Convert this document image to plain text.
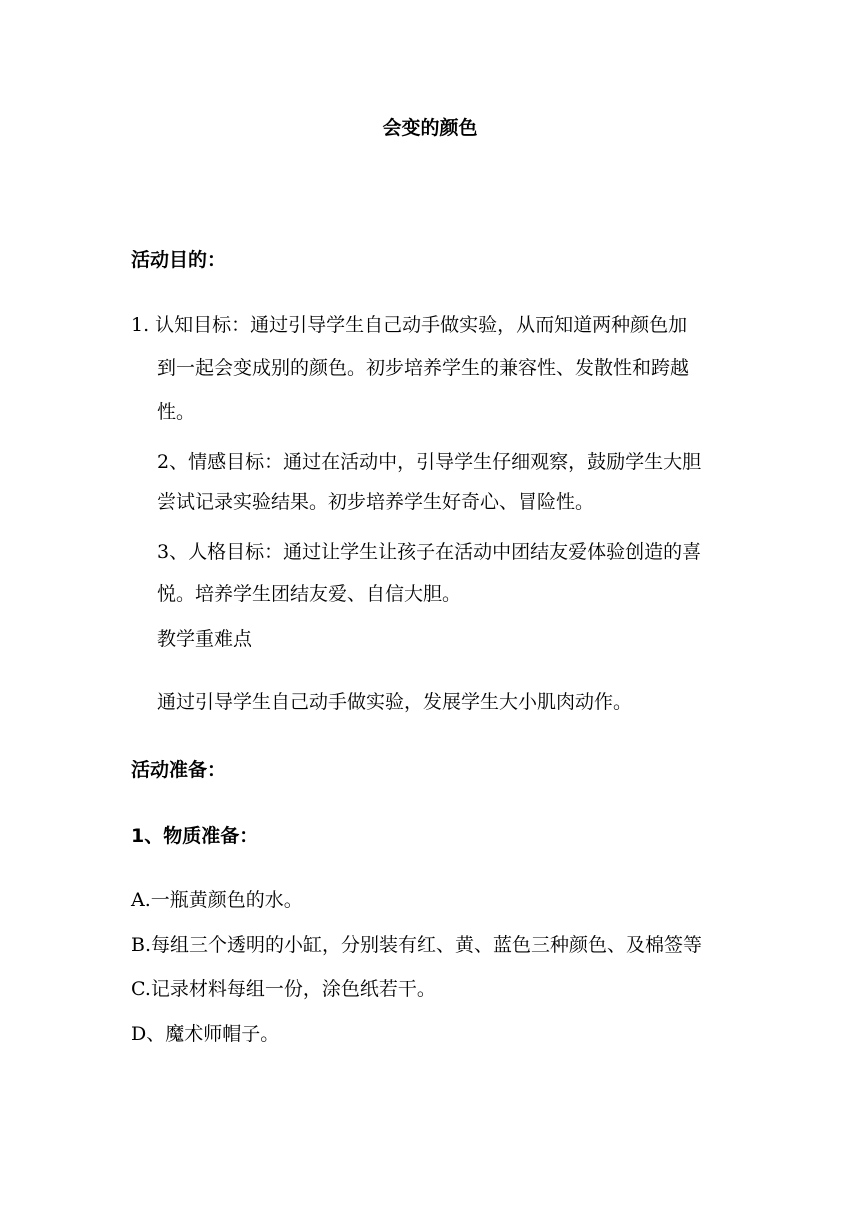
会变的颜色
活动目的：
1. 认知目标：通过引导学生自己动手做实验，从而知道两种颜色加
到一起会变成别的颜色。初步培养学生的兼容性、发散性和跨越
性。
2、情感目标：通过在活动中，引导学生仔细观察，鼓励学生大胆
尝试记录实验结果。初步培养学生好奇心、冒险性。
3、人格目标：通过让学生让孩子在活动中团结友爱体验创造的喜
悦。培养学生团结友爱、自信大胆。
教学重难点
通过引导学生自己动手做实验，发展学生大小肌肉动作。
活动准备：
1、物质准备：
A.一瓶黄颜色的水。
B.每组三个透明的小缸，分别装有红、黄、蓝色三种颜色、及棉签等
C.记录材料每组一份，涂色纸若干。
D、魔术师帽子。
